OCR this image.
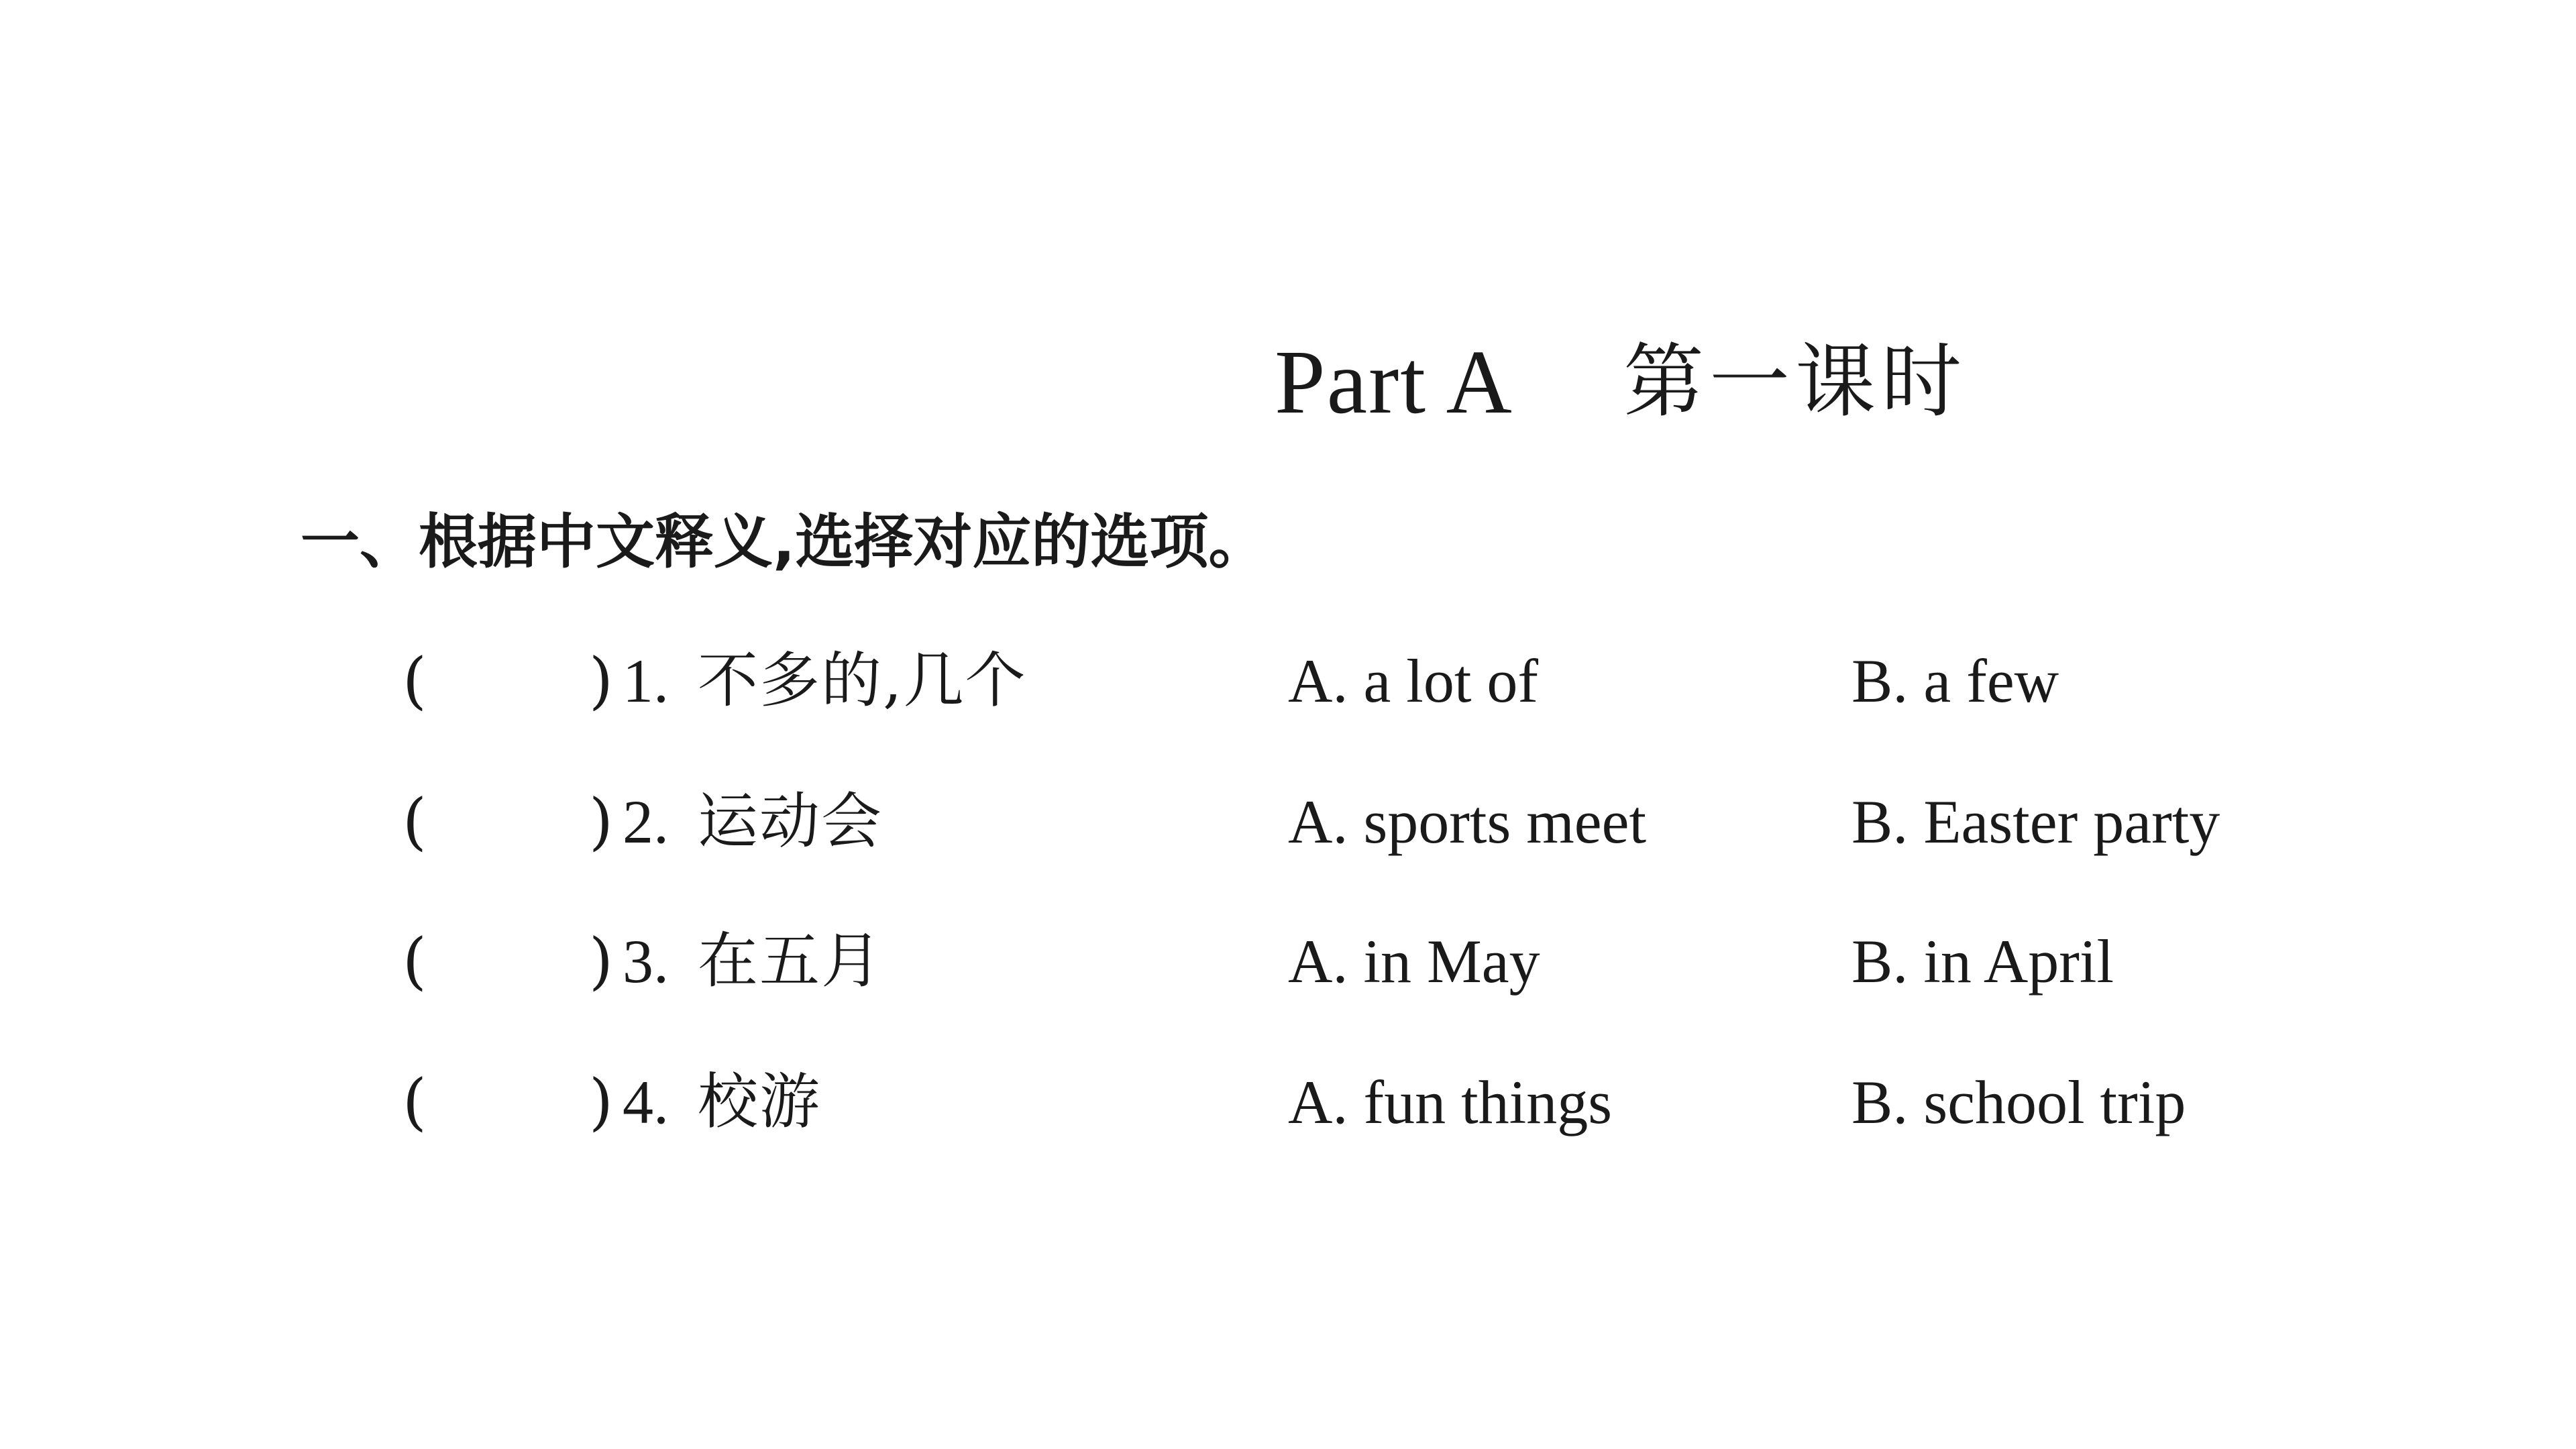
Part A 第一课时
一、根据中文释义,选择对应的选项。
(	) 1. 不多的,几个	A. a lot of	B. a few
(	) 2. 运动会	A. sports meet	B. Easter party
(	) 3. 在五月	A. in May	B. in April
(	) 4. 校游	A. fun things	B. school trip
